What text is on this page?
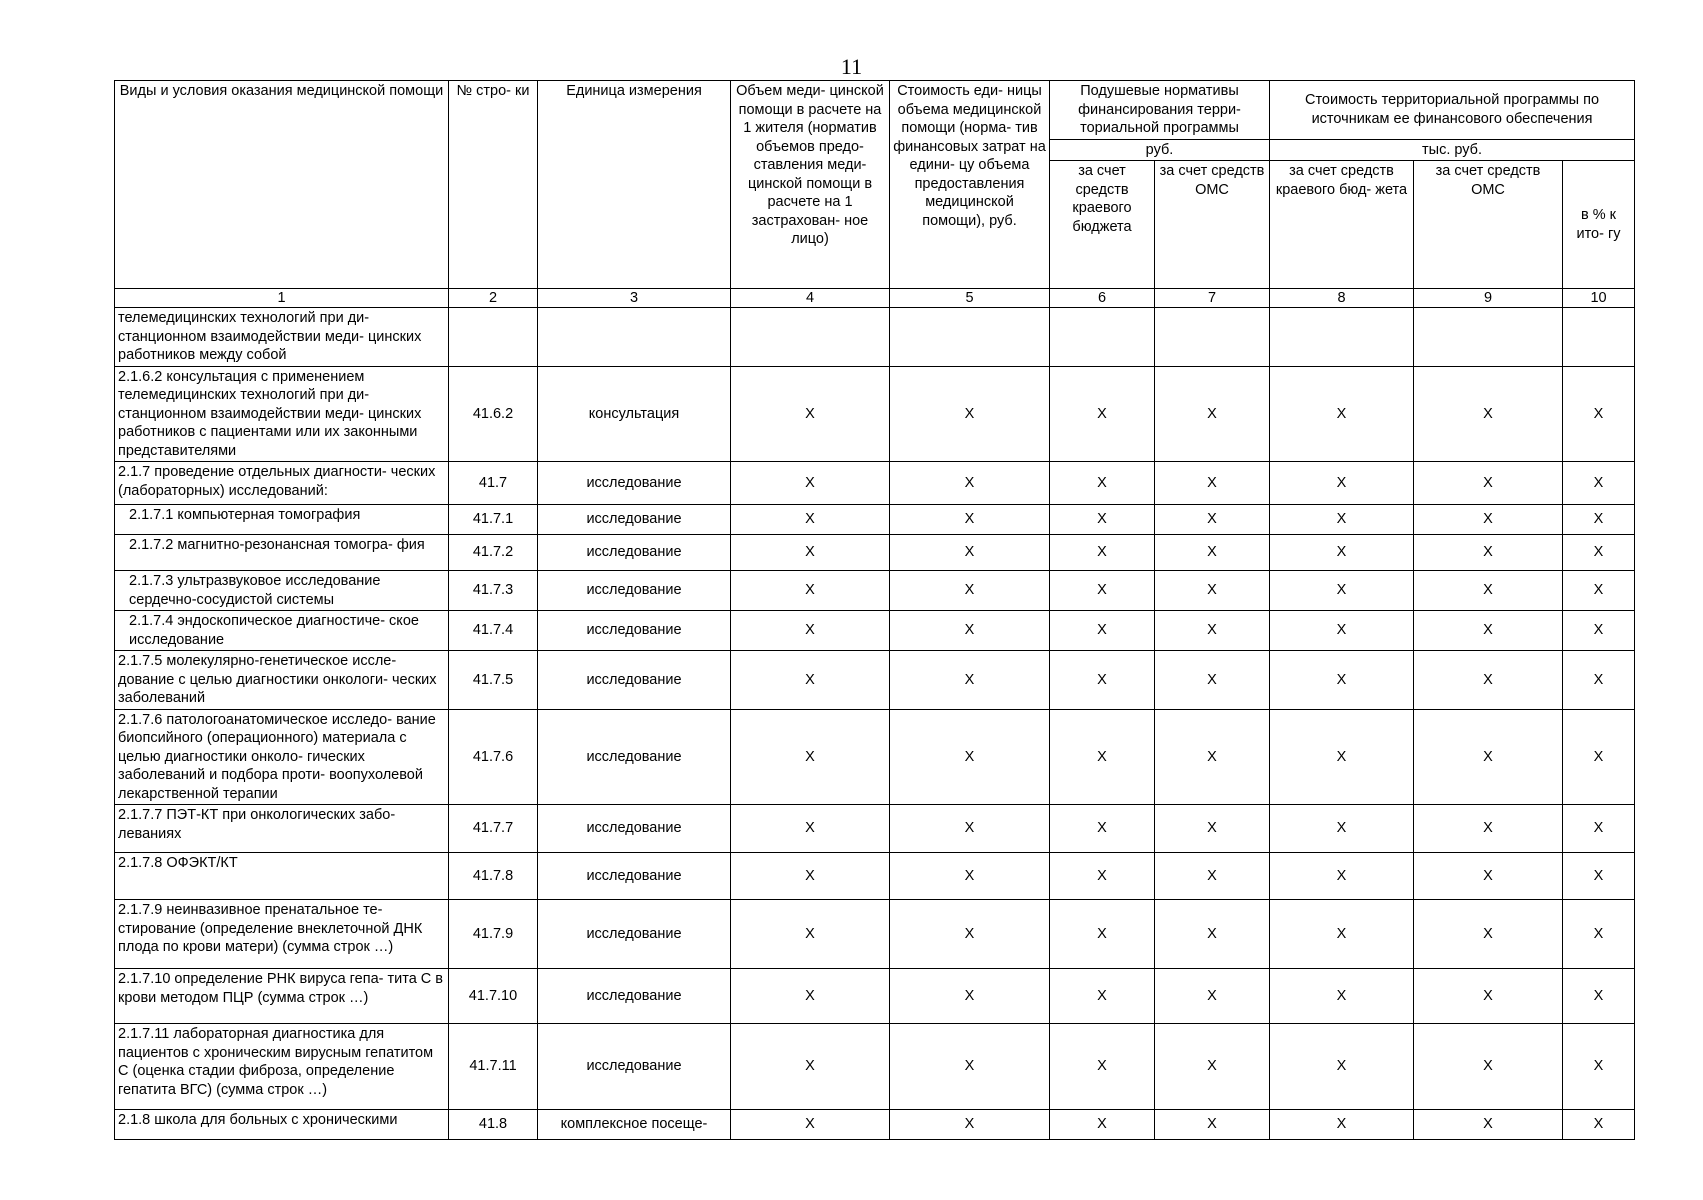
11
Виды и условия оказания медицинской помощи	№ стро- ки	Единица измерения	Объем меди- цинской помощи в расчете на 1 жителя (норматив объемов предо- ставления меди- цинской помощи в расчете на 1 застрахован- ное лицо)	Стоимость еди- ницы объема медицинской помощи (норма- тив финансовых затрат на едини- цу объема предоставления медицинской помощи), руб.	Подушевые нормативы финансирования терри- ториальной программы		Стоимость территориальной программы по источникам ее финансового обеспечения		
					руб.		тыс. руб.		
					за счет средств краевого бюджета	за счет средств ОМС	за счет средств краевого бюд- жета	за счет средств ОМС	в % к ито- гу
1	2	3	4	5	6	7	8	9	10
телемедицинских технологий при ди- станционном взаимодействии меди- цинских работников между собой									
2.1.6.2 консультация с применением телемедицинских технологий при ди- станционном взаимодействии меди- цинских работников с пациентами или их законными представителями	41.6.2	консультация	X	X	X	X	X	X	X
2.1.7 проведение отдельных диагности- ческих (лабораторных) исследований:	41.7	исследование	X	X	X	X	X	X	X
2.1.7.1 компьютерная томография	41.7.1	исследование	X	X	X	X	X	X	X
2.1.7.2 магнитно-резонансная томогра- фия	41.7.2	исследование	X	X	X	X	X	X	X
2.1.7.3 ультразвуковое исследование сердечно-сосудистой системы	41.7.3	исследование	X	X	X	X	X	X	X
2.1.7.4 эндоскопическое диагностиче- ское исследование	41.7.4	исследование	X	X	X	X	X	X	X
2.1.7.5 молекулярно-генетическое иссле- дование с целью диагностики онкологи- ческих заболеваний	41.7.5	исследование	X	X	X	X	X	X	X
2.1.7.6 патологоанатомическое исследо- вание биопсийного (операционного) материала с целью диагностики онколо- гических заболеваний и подбора проти- воопухолевой лекарственной терапии	41.7.6	исследование	X	X	X	X	X	X	X
2.1.7.7 ПЭТ-КТ при онкологических забо- леваниях	41.7.7	исследование	X	X	X	X	X	X	X
2.1.7.8 ОФЭКТ/КТ	41.7.8	исследование	X	X	X	X	X	X	X
2.1.7.9 неинвазивное пренатальное те- стирование (определение внеклеточной ДНК плода по крови матери) (сумма строк …)	41.7.9	исследование	X	X	X	X	X	X	X
2.1.7.10 определение РНК вируса гепа- тита С в крови методом ПЦР (сумма строк …)	41.7.10	исследование	X	X	X	X	X	X	X
2.1.7.11 лабораторная диагностика для пациентов с хроническим вирусным гепатитом С (оценка стадии фиброза, определение гепатита ВГС) (сумма строк …)	41.7.11	исследование	X	X	X	X	X	X	X
2.1.8 школа для больных с хроническими	41.8	комплексное посеще-	X	X	X	X	X	X	X
